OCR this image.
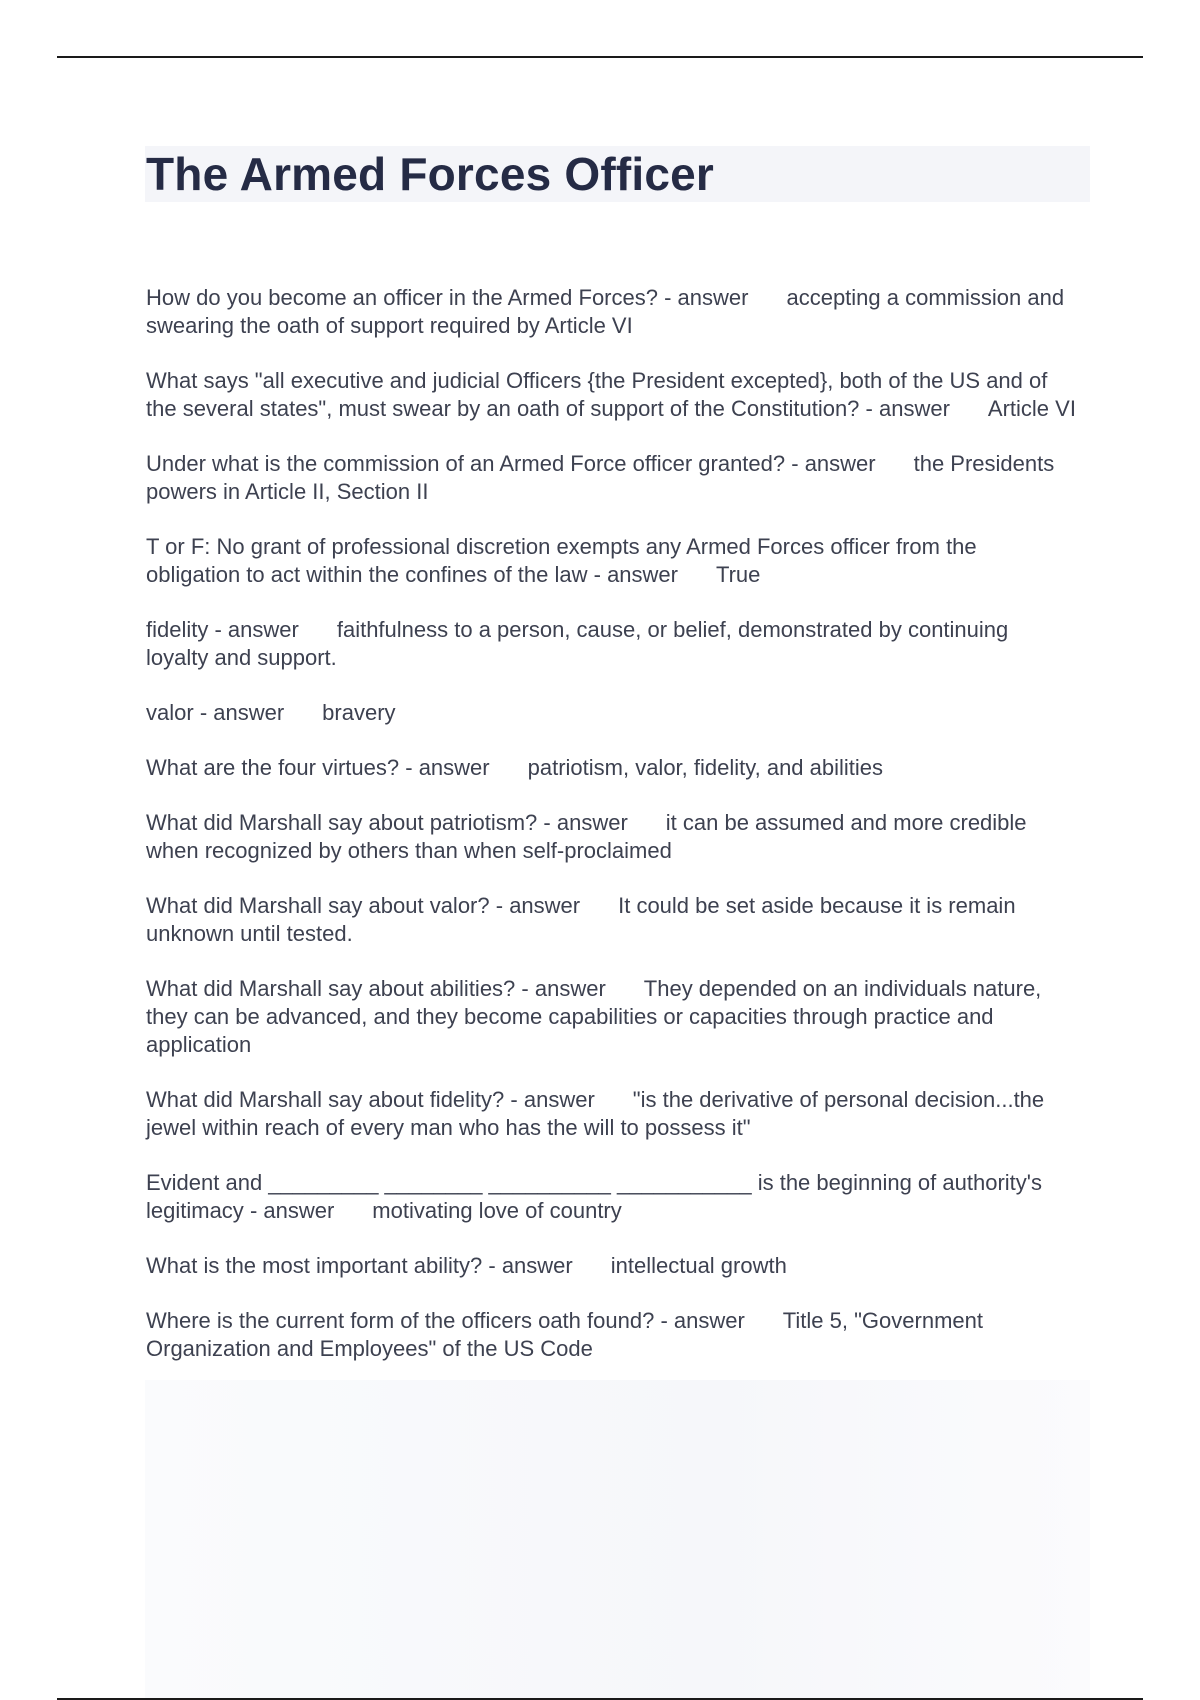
The Armed Forces Officer
How do you become an officer in the Armed Forces? - answer accepting a commission and swearing the oath of support required by Article VI
What says "all executive and judicial Officers {the President excepted}, both of the US and of the several states", must swear by an oath of support of the Constitution? - answer Article VI
Under what is the commission of an Armed Force officer granted? - answer the Presidents powers in Article II, Section II
T or F: No grant of professional discretion exempts any Armed Forces officer from the obligation to act within the confines of the law - answer True
fidelity - answer faithfulness to a person, cause, or belief, demonstrated by continuing loyalty and support.
valor - answer bravery
What are the four virtues? - answer patriotism, valor, fidelity, and abilities
What did Marshall say about patriotism? - answer it can be assumed and more credible when recognized by others than when self-proclaimed
What did Marshall say about valor? - answer It could be set aside because it is remain unknown until tested.
What did Marshall say about abilities? - answer They depended on an individuals nature, they can be advanced, and they become capabilities or capacities through practice and application
What did Marshall say about fidelity? - answer "is the derivative of personal decision...the jewel within reach of every man who has the will to possess it"
Evident and _________ ________ __________ ___________ is the beginning of authority's legitimacy - answer motivating love of country
What is the most important ability? - answer intellectual growth
Where is the current form of the officers oath found? - answer Title 5, "Government Organization and Employees" of the US Code
